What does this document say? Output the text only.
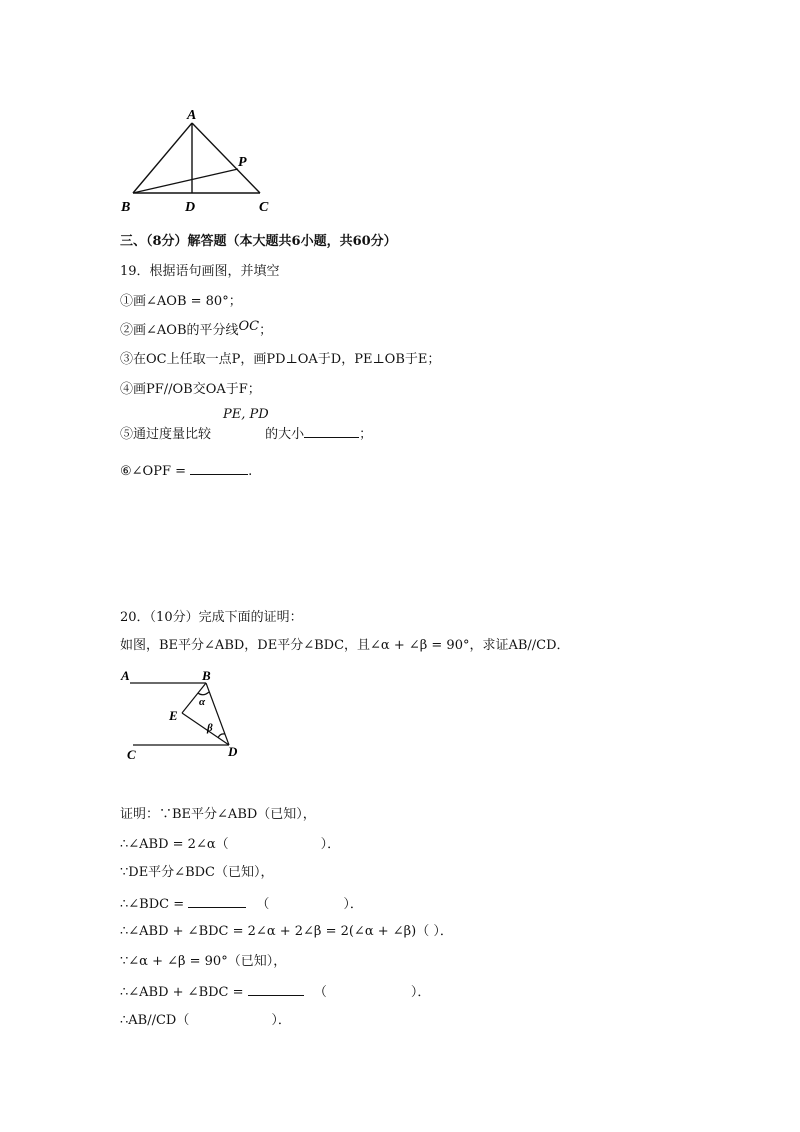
A
B	C
D
P
A	B
C	D
E
α
β
三、（8分）解答题（本大题共6小题，共60分）
19．根据语句画图，并填空
①画∠AOB = 80°；
②画∠AOB的平分线OC；
③在OC上任取一点P，画PD⊥OA于D，PE⊥OB于E；
④画PF//OB交OA于F；
⑤通过度量比较
PE, PD
的大小	；
⑥∠OPF =	.
20．（10分）完成下面的证明：
如图，BE平分∠ABD，DE平分∠BDC，且∠α + ∠β = 90°，求证AB//CD．
证明：∵BE平分∠ABD（已知），
∴∠ABD = 2∠α（	）．
∵DE平分∠BDC（已知），
∴∠BDC =	（	）．
∴∠ABD + ∠BDC = 2∠α + 2∠β = 2(∠α + ∠β)（ ）．
∵∠α + ∠β = 90°（已知），
∴∠ABD + ∠BDC =	（	）．
∴AB//CD（	）．
